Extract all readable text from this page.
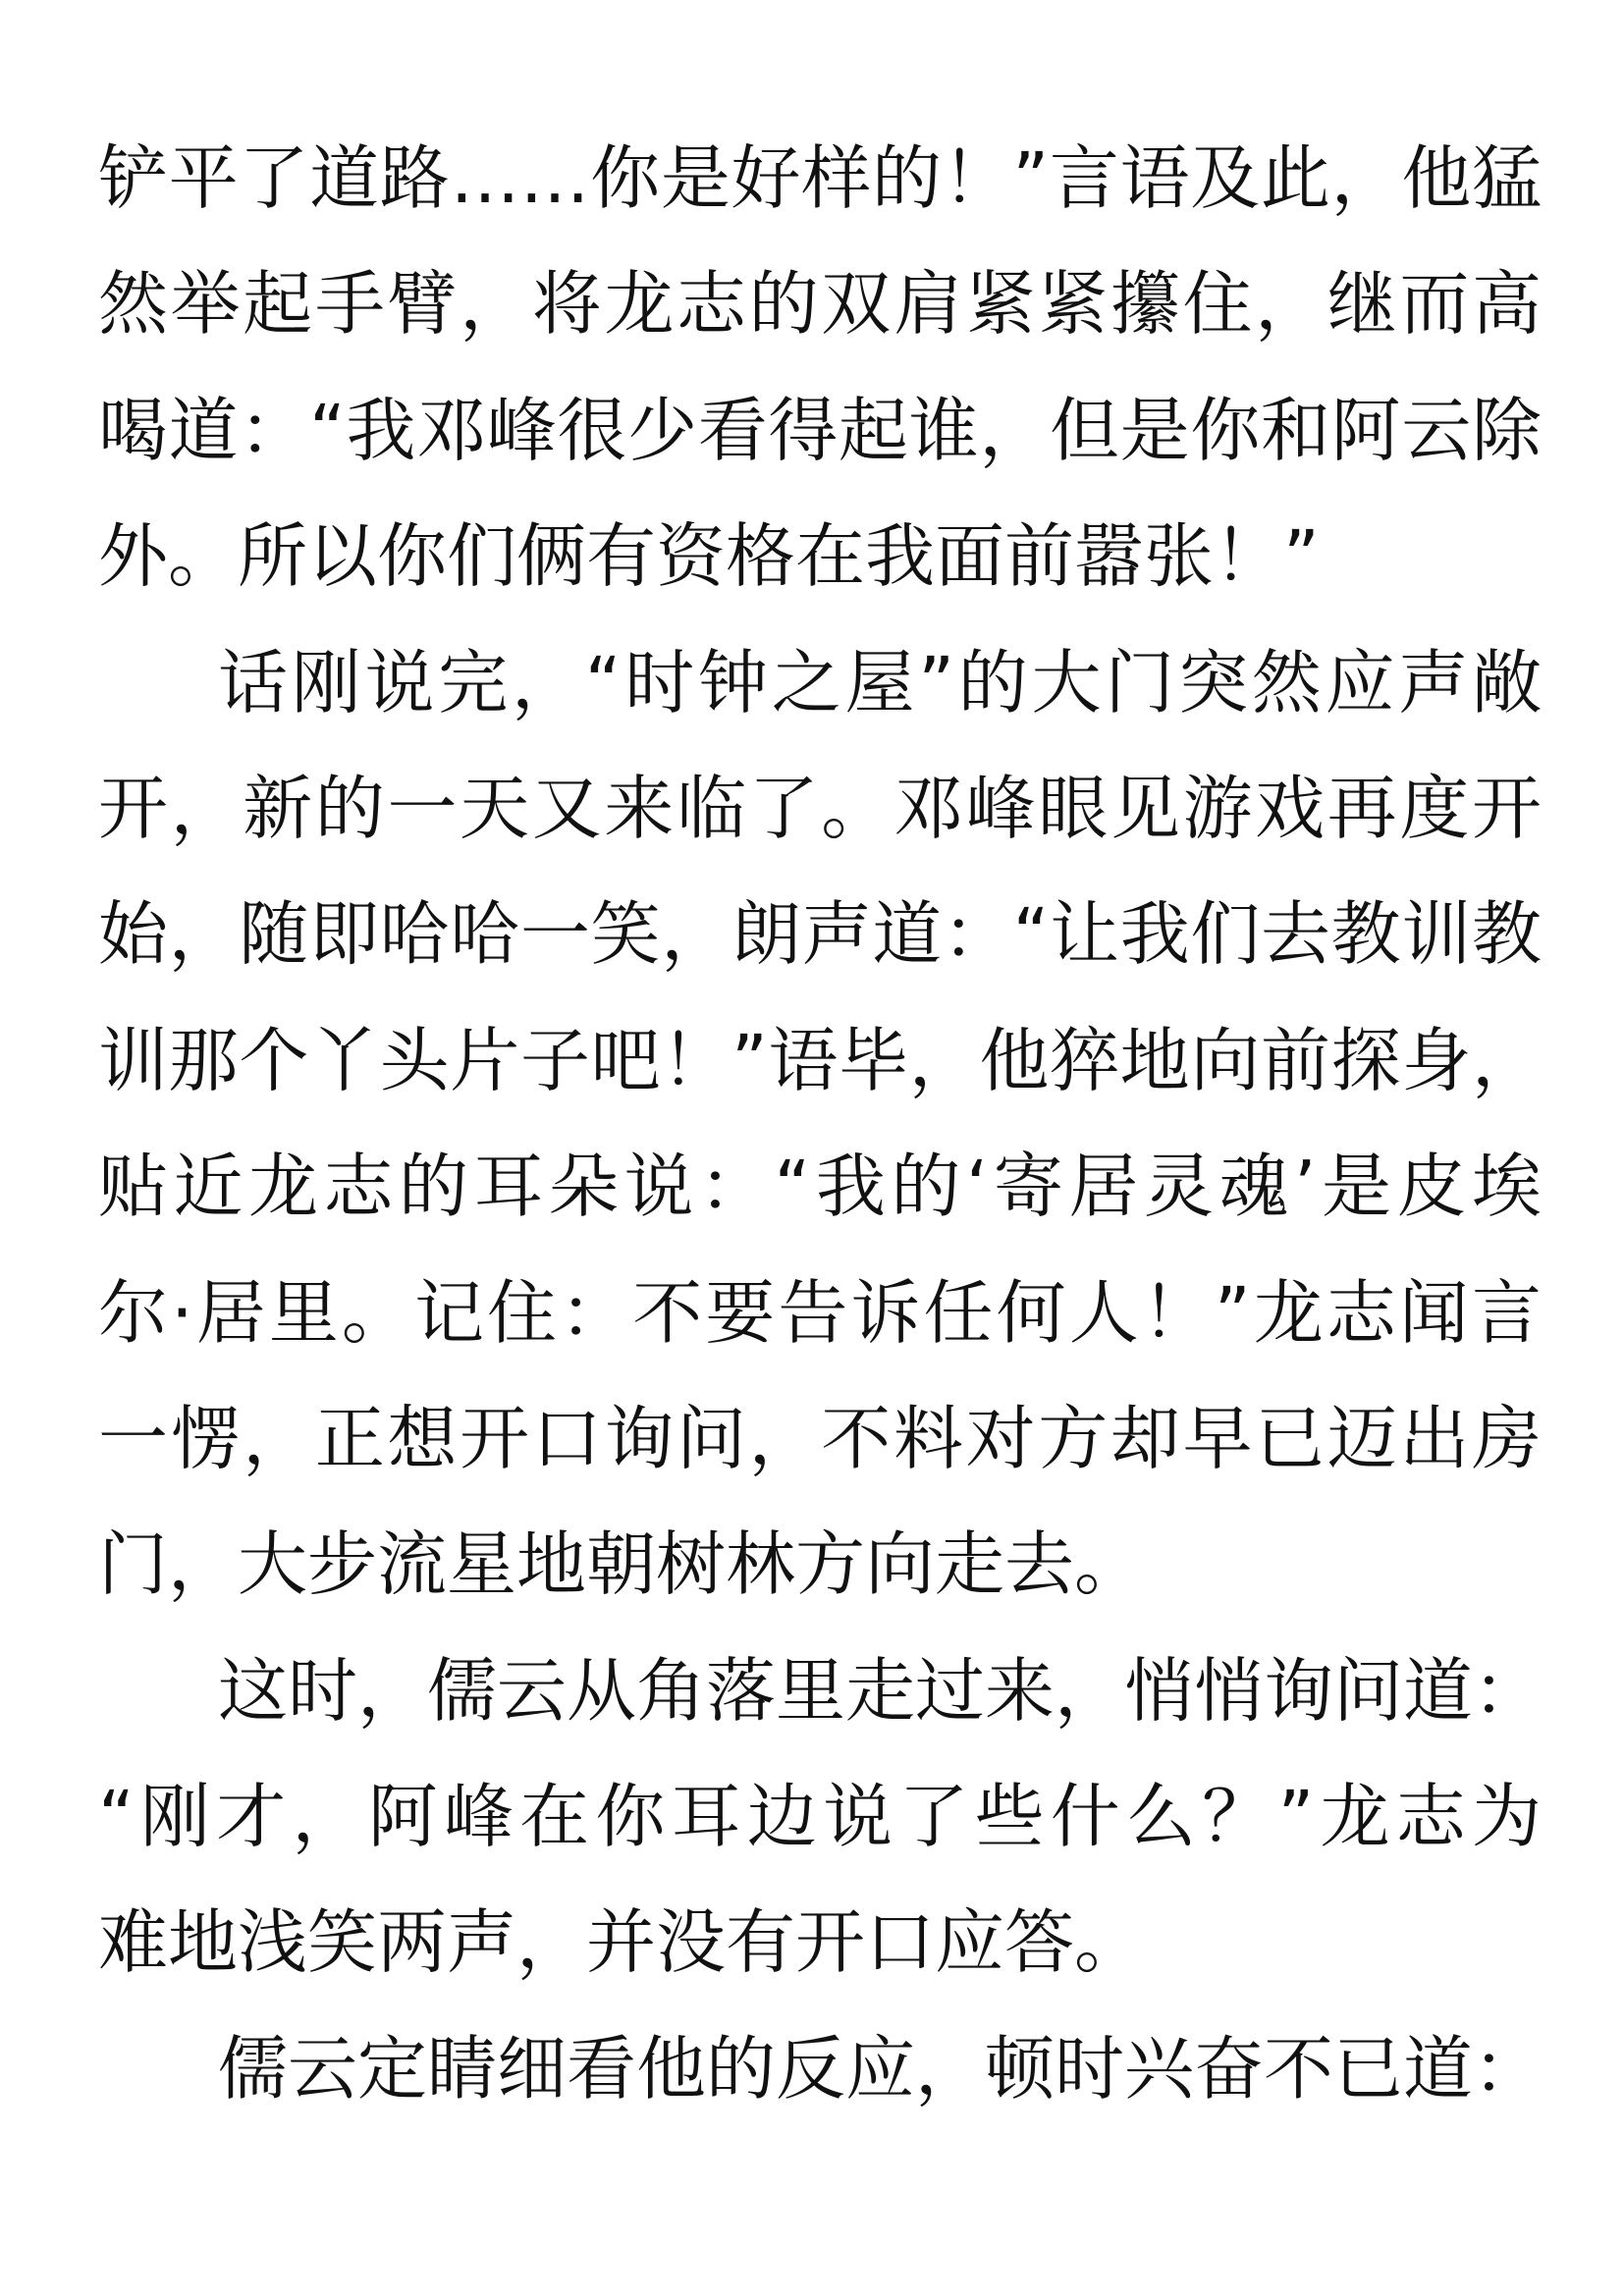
铲平了道路……你是好样的！”言语及此，他猛
然举起手臂，将龙志的双肩紧紧攥住，继而高
喝道：“我邓峰很少看得起谁，但是你和阿云除
外。所以你们俩有资格在我面前嚣张！”
话刚说完，“时钟之屋”的大门突然应声敞
开，新的一天又来临了。邓峰眼见游戏再度开
始，随即哈哈一笑，朗声道：“让我们去教训教
训那个丫头片子吧！”语毕，他猝地向前探身，
贴近龙志的耳朵说：“我的‘寄居灵魂’是皮埃
尔·居里。记住：不要告诉任何人！”龙志闻言
一愣，正想开口询问，不料对方却早已迈出房
门，大步流星地朝树林方向走去。
这时，儒云从角落里走过来，悄悄询问道：
“刚才，阿峰在你耳边说了些什么？”龙志为
难地浅笑两声，并没有开口应答。
儒云定睛细看他的反应，顿时兴奋不已道：
